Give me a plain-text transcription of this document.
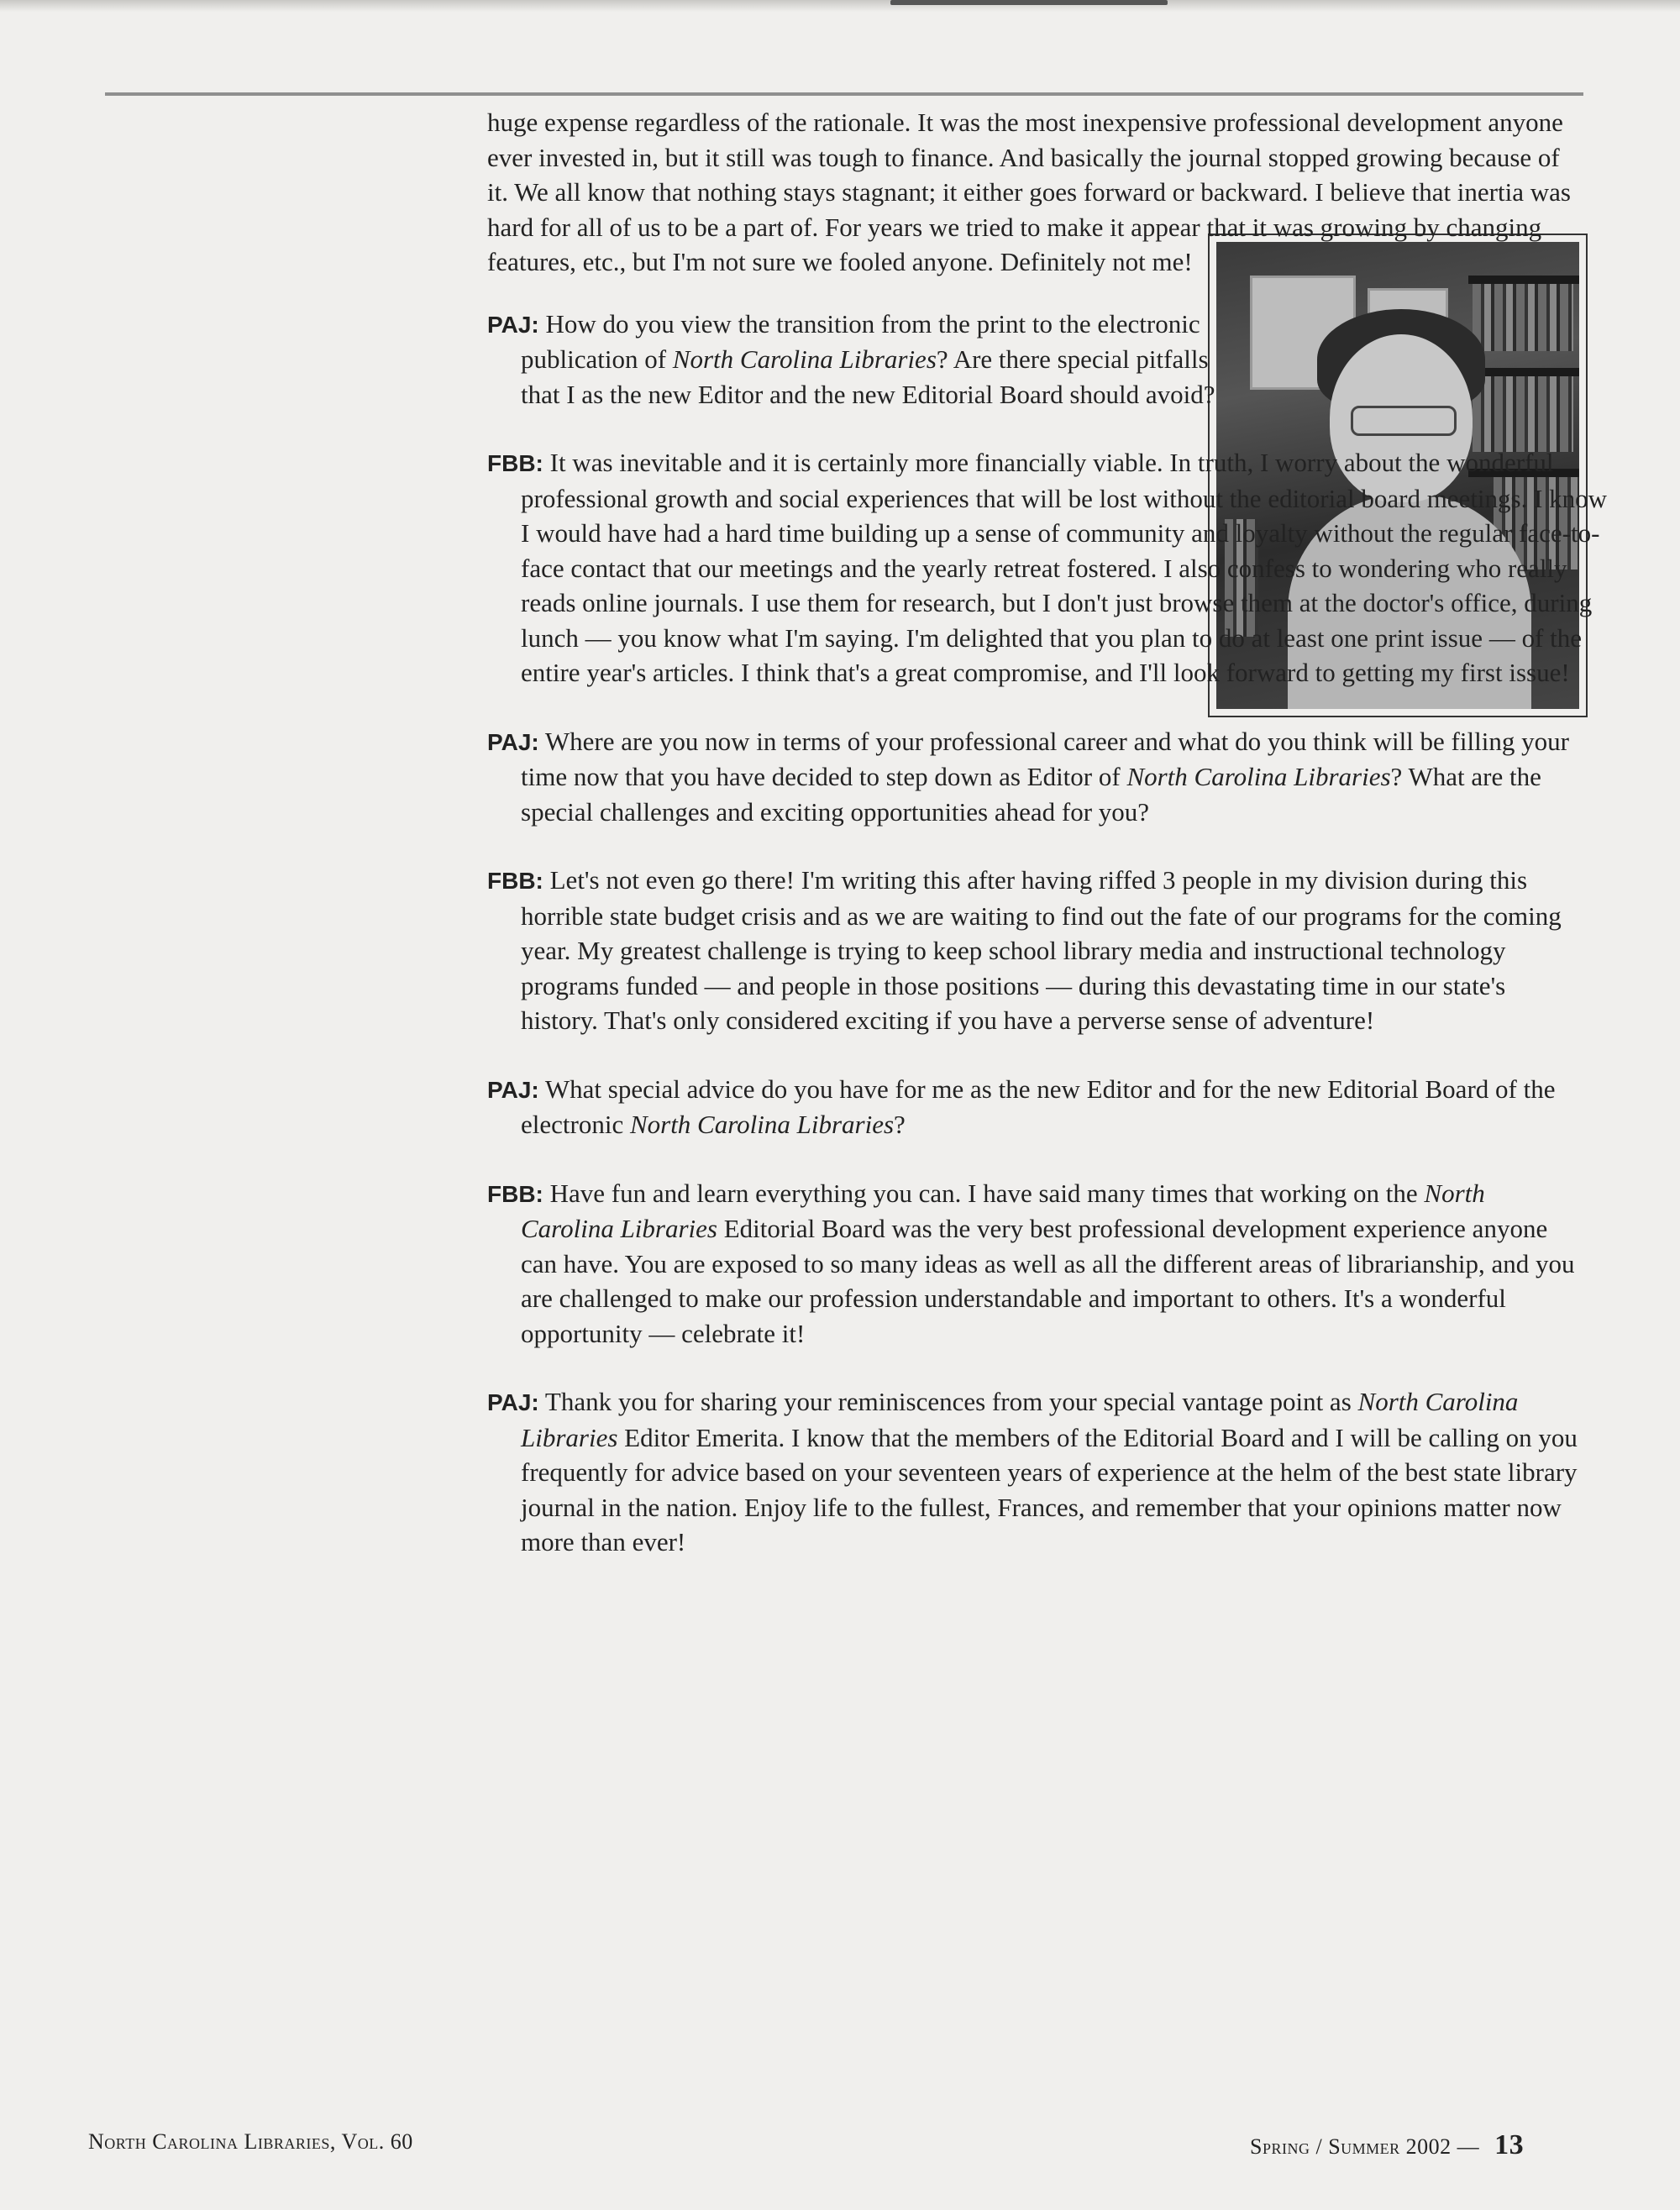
huge expense regardless of the rationale. It was the most inexpensive professional development anyone ever invested in, but it still was tough to finance. And basically the journal stopped growing because of it. We all know that nothing stays stagnant; it either goes forward or backward. I believe that inertia was hard for all of us to be a part of. For years we tried to make it appear that it was growing by changing features, etc., but I'm not sure we fooled anyone. Definitely not me!

PAJ: How do you view the transition from the print to the electronic publication of North Carolina Libraries? Are there special pitfalls that I as the new Editor and the new Editorial Board should avoid?

FBB: It was inevitable and it is certainly more financially viable. In truth, I worry about the wonderful professional growth and social experiences that will be lost without the editorial board meetings. I know I would have had a hard time building up a sense of community and loyalty without the regular face-to-face contact that our meetings and the yearly retreat fostered. I also confess to wondering who really reads online journals. I use them for research, but I don't just browse them at the doctor's office, during lunch — you know what I'm saying. I'm delighted that you plan to do at least one print issue — of the entire year's articles. I think that's a great compromise, and I'll look forward to getting my first issue!

PAJ: Where are you now in terms of your professional career and what do you think will be filling your time now that you have decided to step down as Editor of North Carolina Libraries? What are the special challenges and exciting opportunities ahead for you?

FBB: Let's not even go there! I'm writing this after having riffed 3 people in my division during this horrible state budget crisis and as we are waiting to find out the fate of our programs for the coming year. My greatest challenge is trying to keep school library media and instructional technology programs funded — and people in those positions — during this devastating time in our state's history. That's only considered exciting if you have a perverse sense of adventure!

PAJ: What special advice do you have for me as the new Editor and for the new Editorial Board of the electronic North Carolina Libraries?

FBB: Have fun and learn everything you can. I have said many times that working on the North Carolina Libraries Editorial Board was the very best professional development experience anyone can have. You are exposed to so many ideas as well as all the different areas of librarianship, and you are challenged to make our profession understandable and important to others. It's a wonderful opportunity — celebrate it!

PAJ: Thank you for sharing your reminiscences from your special vantage point as North Carolina Libraries Editor Emerita. I know that the members of the Editorial Board and I will be calling on you frequently for advice based on your seventeen years of experience at the helm of the best state library journal in the nation. Enjoy life to the fullest, Frances, and remember that your opinions matter now more than ever!

North Carolina Libraries, Vol. 60	Spring / Summer 2002 — 13
